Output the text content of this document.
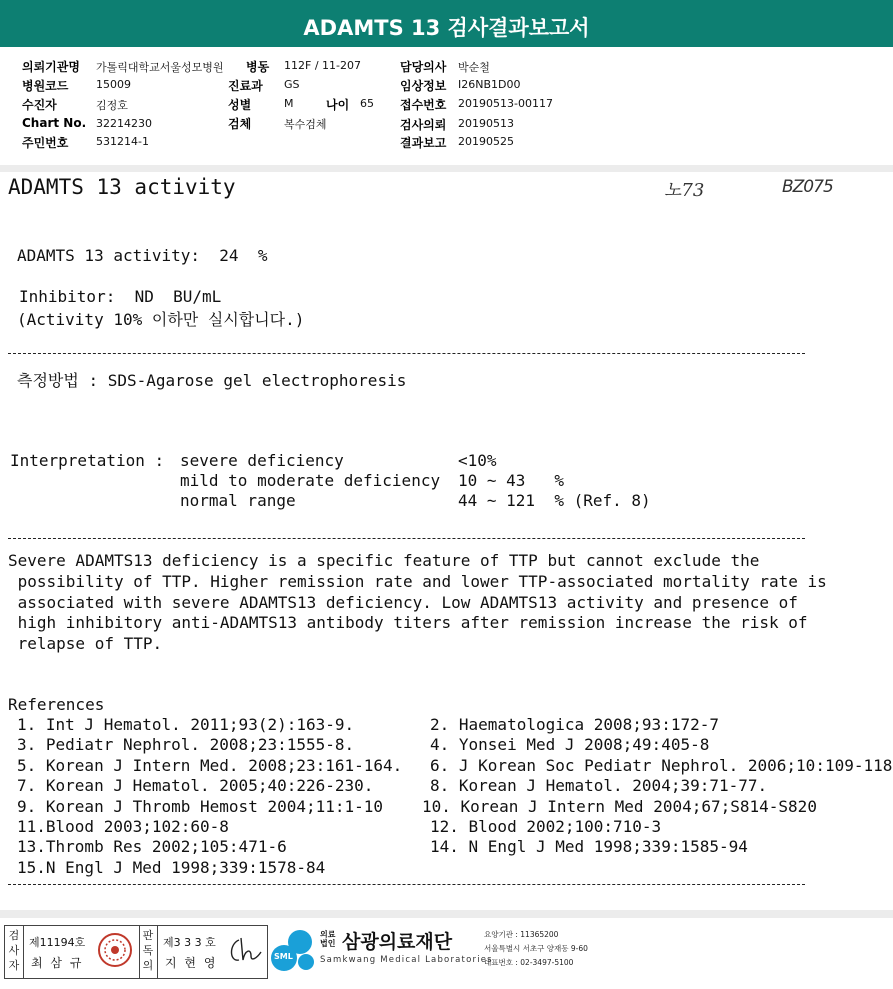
ADAMTS 13 검사결과보고서
의뢰기관명 가톨릭대학교서울성모병원 병동 112F / 11-207	담당의사 박순철
병원코드	15009	진료과 GS	임상정보 I26NB1D00
수진자	김정호	성별	M	나이 65 접수번호 20190513-00117
Chart No. 32214230	검체	복수검체	검사의뢰 20190513
주민번호	531214-1	결과보고 20190525
ADAMTS 13 activity	노73	BZ075
ADAMTS 13 activity:  24  %
Inhibitor:  ND  BU/mL
(Activity 10% 이하만 실시합니다.)
측정방법 : SDS-Agarose gel electrophoresis
Interpretation : severe deficiency	<10%
mild to moderate deficiency 10 ~ 43   %
normal range	44 ~ 121  % (Ref. 8)
Severe ADAMTS13 deficiency is a specific feature of TTP but cannot exclude the
possibility of TTP. Higher remission rate and lower TTP-associated mortality rate is
associated with severe ADAMTS13 deficiency. Low ADAMTS13 activity and presence of
high inhibitory anti-ADAMTS13 antibody titers after remission increase the risk of
relapse of TTP.
References
1. Int J Hematol. 2011;93(2):163-9.	2. Haematologica 2008;93:172-7
3. Pediatr Nephrol. 2008;23:1555-8.	4. Yonsei Med J 2008;49:405-8
5. Korean J Intern Med. 2008;23:161-164. 6. J Korean Soc Pediatr Nephrol. 2006;10:109-118
7. Korean J Hematol. 2005;40:226-230.	8. Korean J Hematol. 2004;39:71-77.
9. Korean J Thromb Hemost 2004;11:1-10 10. Korean J Intern Med 2004;67;S814-S820
11.Blood 2003;102:60-8	12. Blood 2002;100:710-3
13.Thromb Res 2002;105:471-6	14. N Engl J Med 1998;339:1585-94
15.N Engl J Med 1998;339:1578-84
검사자
제11194호
최 삼 규
판독의
제3 3 3 호
지 현 영	SML
의료법인 삼광의료재단
Samkwang Medical Laboratories
요양기관 : 11365200
서울특별시 서초구 양재동 9-60
대표번호 : 02-3497-5100
